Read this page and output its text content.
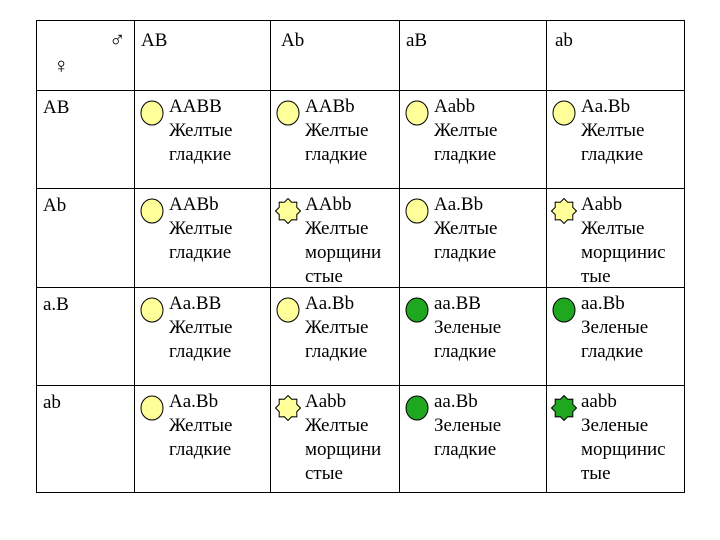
♀
♂	AB	Ab	aB	ab

AB	AABB
Желтые
гладкие	AABb
Желтые
гладкие	Aabb
Желтые
гладкие	Aa.Bb
Желтые
гладкие

Ab	AABb
Желтые
гладкие	AAbb
Желтые
морщини
стые	Aa.Bb
Желтые
гладкие	Aabb
Желтые
морщинис
тые

a.B	Aa.BB
Желтые
гладкие	Aa.Bb
Желтые
гладкие	aa.BB
Зеленые
гладкие	aa.Bb
Зеленые
гладкие

ab	Aa.Bb
Желтые
гладкие	Aabb
Желтые
морщини
стые	aa.Bb
Зеленые
гладкие	aabb
Зеленые
морщинис
тые
